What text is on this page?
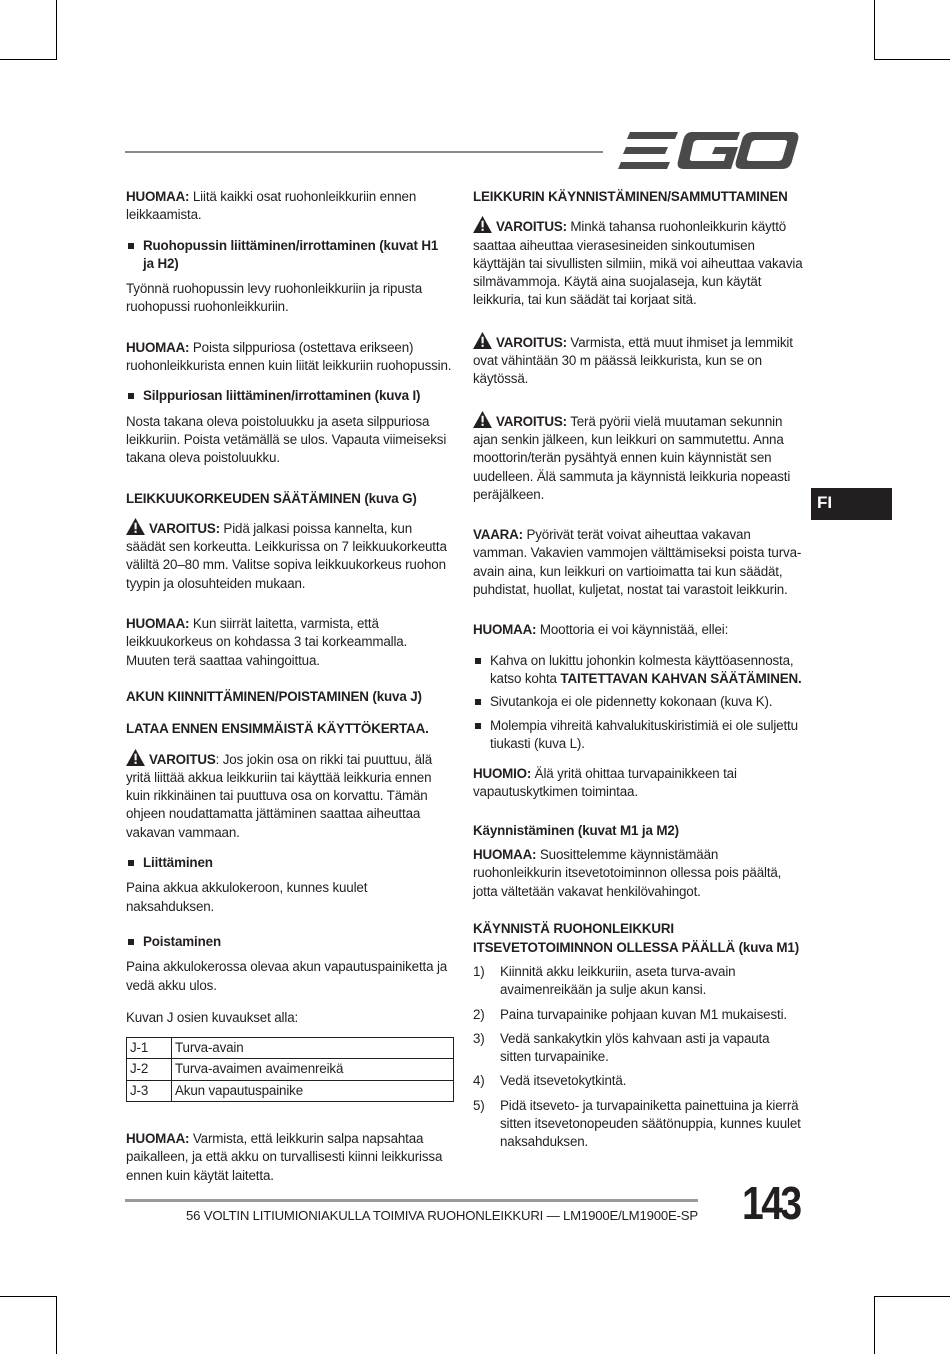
HUOMAA: Liitä kaikki osat ruohonleikkuriin ennen leikkaamista.

Ruohopussin liittäminen/irrottaminen (kuvat H1 ja H2)

Työnnä ruohopussin levy ruohonleikkuriin ja ripusta ruohopussi ruohonleikkuriin.

HUOMAA: Poista silppuriosa (ostettava erikseen) ruohonleikkurista ennen kuin liität leikkuriin ruohopussin.

Silppuriosan liittäminen/irrottaminen (kuva I)

Nosta takana oleva poistoluukku ja aseta silppuriosa leikkuriin. Poista vetämällä se ulos. Vapauta viimeiseksi takana oleva poistoluukku.

LEIKKUUKORKEUDEN SÄÄTÄMINEN (kuva G)

VAROITUS: Pidä jalkasi poissa kannelta, kun säädät sen korkeutta. Leikkurissa on 7 leikkuukorkeutta väliltä 20–80 mm. Valitse sopiva leikkuukorkeus ruohon tyypin ja olosuhteiden mukaan.

HUOMAA: Kun siirrät laitetta, varmista, että leikkuukorkeus on kohdassa 3 tai korkeammalla. Muuten terä saattaa vahingoittua.

AKUN KIINNITTÄMINEN/POISTAMINEN (kuva J)
LATAA ENNEN ENSIMMÄISTÄ KÄYTTÖKERTAA.

VAROITUS: Jos jokin osa on rikki tai puuttuu, älä yritä liittää akkua leikkuriin tai käyttää leikkuria ennen kuin rikkinäinen tai puuttuva osa on korvattu. Tämän ohjeen noudattamatta jättäminen saattaa aiheuttaa vakavan vammaan.

Liittäminen

Paina akkua akkulokeroon, kunnes kuulet naksahduksen.

Poistaminen

Paina akkulokerossa olevaa akun vapautuspainiketta ja vedä akku ulos.

Kuvan J osien kuvaukset alla:

J-1	Turva-avain
J-2	Turva-avaimen avaimenreikä
J-3	Akun vapautuspainike

HUOMAA: Varmista, että leikkurin salpa napsahtaa paikalleen, ja että akku on turvallisesti kiinni leikkurissa ennen kuin käytät laitetta.

LEIKKURIN KÄYNNISTÄMINEN/SAMMUTTAMINEN

VAROITUS: Minkä tahansa ruohonleikkurin käyttö saattaa aiheuttaa vierasesineiden sinkoutumisen käyttäjän tai sivullisten silmiin, mikä voi aiheuttaa vakavia silmävammoja. Käytä aina suojalaseja, kun käytät leikkuria, tai kun säädät tai korjaat sitä.

VAROITUS: Varmista, että muut ihmiset ja lemmikit ovat vähintään 30 m päässä leikkurista, kun se on käytössä.

VAROITUS: Terä pyörii vielä muutaman sekunnin ajan senkin jälkeen, kun leikkuri on sammutettu. Anna moottorin/terän pysähtyä ennen kuin käynnistät sen uudelleen. Älä sammuta ja käynnistä leikkuria nopeasti peräjälkeen.

VAARA: Pyörivät terät voivat aiheuttaa vakavan vamman. Vakavien vammojen välttämiseksi poista turva-avain aina, kun leikkuri on vartioimatta tai kun säädät, puhdistat, huollat, kuljetat, nostat tai varastoit leikkurin.

HUOMAA: Moottoria ei voi käynnistää, ellei:

Kahva on lukittu johonkin kolmesta käyttöasennosta, katso kohta TAITETTAVAN KAHVAN SÄÄTÄMINEN.
Sivutankoja ei ole pidennetty kokonaan (kuva K).
Molempia vihreitä kahvalukituskiristimiä ei ole suljettu tiukasti (kuva L).

HUOMIO: Älä yritä ohittaa turvapainikkeen tai vapautuskytkimen toimintaa.

Käynnistäminen (kuvat M1 ja M2)

HUOMAA: Suosittelemme käynnistämään ruohonleikkurin itsevetotoiminnon ollessa pois päältä, jotta vältetään vakavat henkilövahingot.

KÄYNNISTÄ RUOHONLEIKKURI ITSEVETOTOIMINNON OLLESSA PÄÄLLÄ (kuva M1)
1) Kiinnitä akku leikkuriin, aseta turva-avain avaimenreikään ja sulje akun kansi.
2) Paina turvapainike pohjaan kuvan M1 mukaisesti.
3) Vedä sankakytkin ylös kahvaan asti ja vapauta sitten turvapainike.
4) Vedä itsevetokytkintä.
5) Pidä itseveto- ja turvapainiketta painettuina ja kierrä sitten itsevetonopeuden säätönuppia, kunnes kuulet naksahduksen.
FI
56 VOLTIN LITIUMIONIAKULLA TOIMIVA RUOHONLEIKKURI — LM1900E/LM1900E-SP 143
